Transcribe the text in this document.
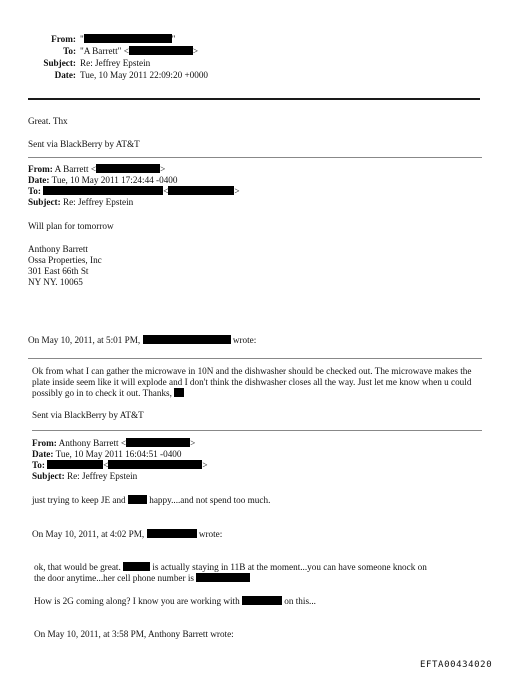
From: "	"
To: "A Barrett" <	>
Subject: Re: Jeffrey Epstein
Date: Tue, 10 May 2011 22:09:20 +0000
Great. Thx
Sent via BlackBerry by AT&T
From: A Barrett <	>
Date: Tue, 10 May 2011 17:24:44 -0400
To:	<	>
Subject: Re: Jeffrey Epstein
Will plan for tomorrow
Anthony Barrett
Ossa Properties, Inc
301 East 66th St
NY NY. 10065
On May 10, 2011, at 5:01 PM,	wrote:
Ok from what I can gather the microwave in 10N and the dishwasher should be checked out. The microwave makes the plate inside seem like it will explode and I don't think the dishwasher closes all the way. Just let me know when u could possibly go in to check it out. Thanks,
Sent via BlackBerry by AT&T
From: Anthony Barrett <	>
Date: Tue, 10 May 2011 16:04:51 -0400
To:	<	>
Subject: Re: Jeffrey Epstein
just trying to keep JE and	happy....and not spend too much.
On May 10, 2011, at 4:02 PM,	wrote:
ok, that would be great.	is actually staying in 11B at the moment...you can have someone knock on
the door anytime...her cell phone number is
How is 2G coming along? I know you are working with	on this...
On May 10, 2011, at 3:58 PM, Anthony Barrett wrote:
EFTA00434020
